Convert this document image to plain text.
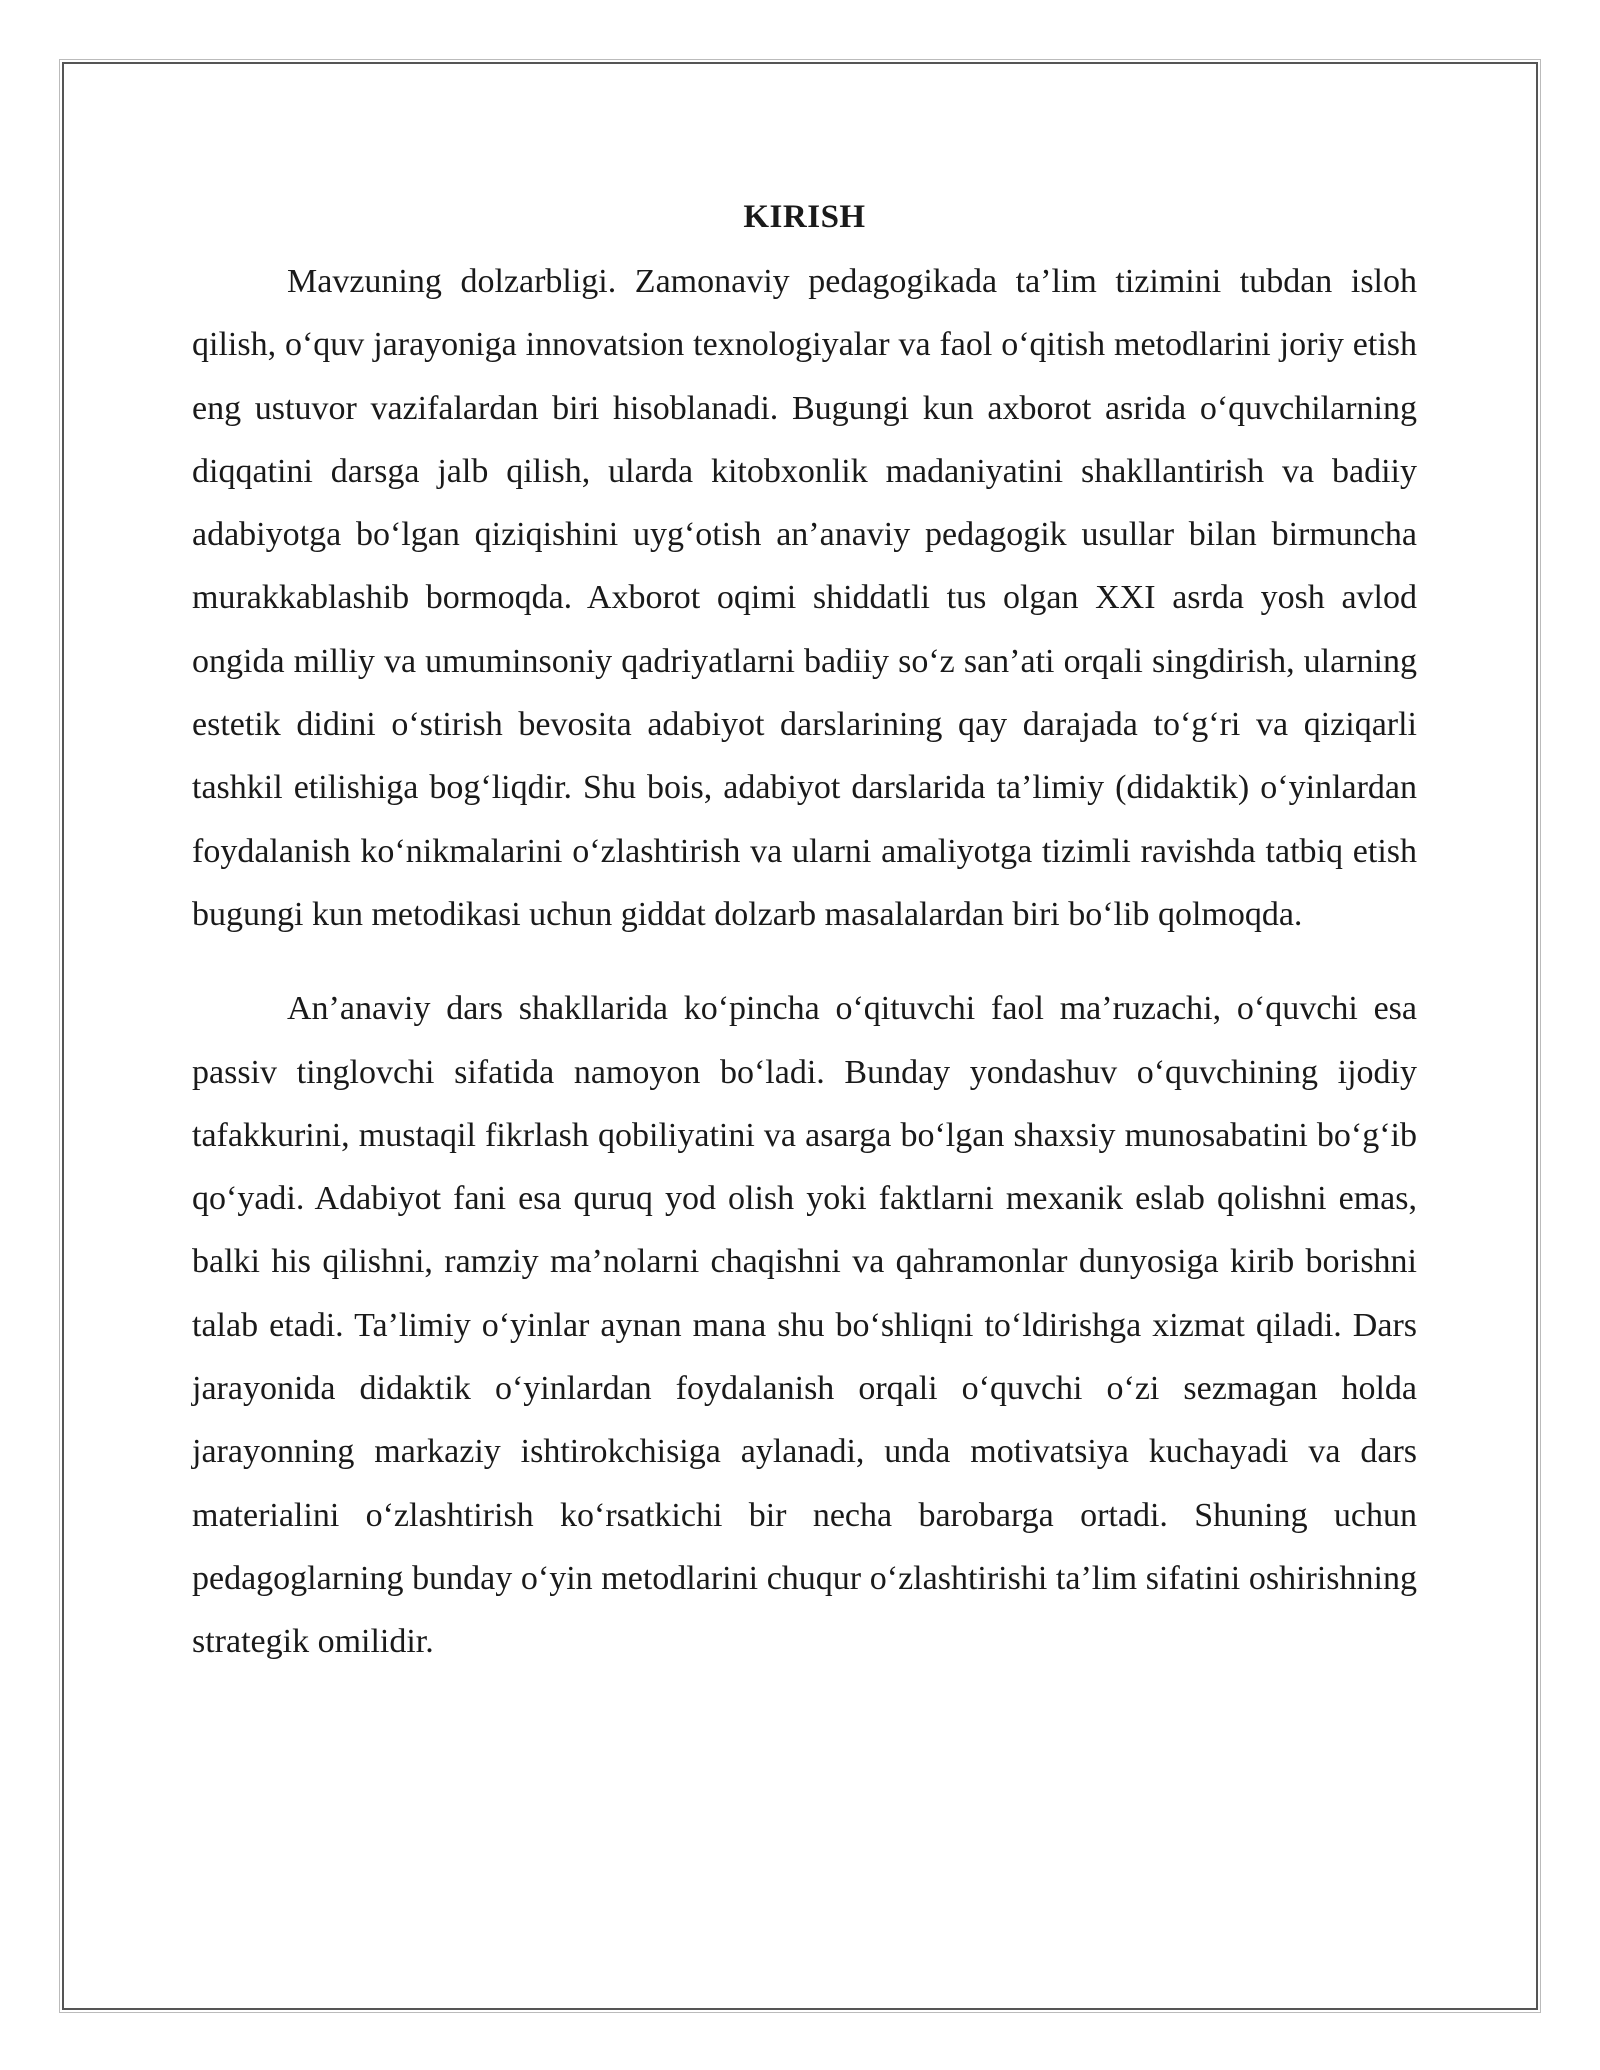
KIRISH

Mavzuning dolzarbligi. Zamonaviy pedagogikada ta’lim tizimini tubdan isloh qilish, o‘quv jarayoniga innovatsion texnologiyalar va faol o‘qitish metodlarini joriy etish eng ustuvor vazifalardan biri hisoblanadi. Bugungi kun axborot asrida o‘quvchilarning diqqatini darsga jalb qilish, ularda kitobxonlik madaniyatini shakllantirish va badiiy adabiyotga bo‘lgan qiziqishini uyg‘otish an’anaviy pedagogik usullar bilan birmuncha murakkablashib bormoqda. Axborot oqimi shiddatli tus olgan XXI asrda yosh avlod ongida milliy va umuminsoniy qadriyatlarni badiiy so‘z san’ati orqali singdirish, ularning estetik didini o‘stirish bevosita adabiyot darslarining qay darajada to‘g‘ri va qiziqarli tashkil etilishiga bog‘liqdir. Shu bois, adabiyot darslarida ta’limiy (didaktik) o‘yinlardan foydalanish ko‘nikmalarini o‘zlashtirish va ularni amaliyotga tizimli ravishda tatbiq etish bugungi kun metodikasi uchun giddat dolzarb masalalardan biri bo‘lib qolmoqda.

An’anaviy dars shakllarida ko‘pincha o‘qituvchi faol ma’ruzachi, o‘quvchi esa passiv tinglovchi sifatida namoyon bo‘ladi. Bunday yondashuv o‘quvchining ijodiy tafakkurini, mustaqil fikrlash qobiliyatini va asarga bo‘lgan shaxsiy munosabatini bo‘g‘ib qo‘yadi. Adabiyot fani esa quruq yod olish yoki faktlarni mexanik eslab qolishni emas, balki his qilishni, ramziy ma’nolarni chaqishni va qahramonlar dunyosiga kirib borishni talab etadi. Ta’limiy o‘yinlar aynan mana shu bo‘shliqni to‘ldirishga xizmat qiladi. Dars jarayonida didaktik o‘yinlardan foydalanish orqali o‘quvchi o‘zi sezmagan holda jarayonning markaziy ishtirokchisiga aylanadi, unda motivatsiya kuchayadi va dars materialini o‘zlashtirish ko‘rsatkichi bir necha barobarga ortadi. Shuning uchun pedagoglarning bunday o‘yin metodlarini chuqur o‘zlashtirishi ta’lim sifatini oshirishning strategik omilidir.
